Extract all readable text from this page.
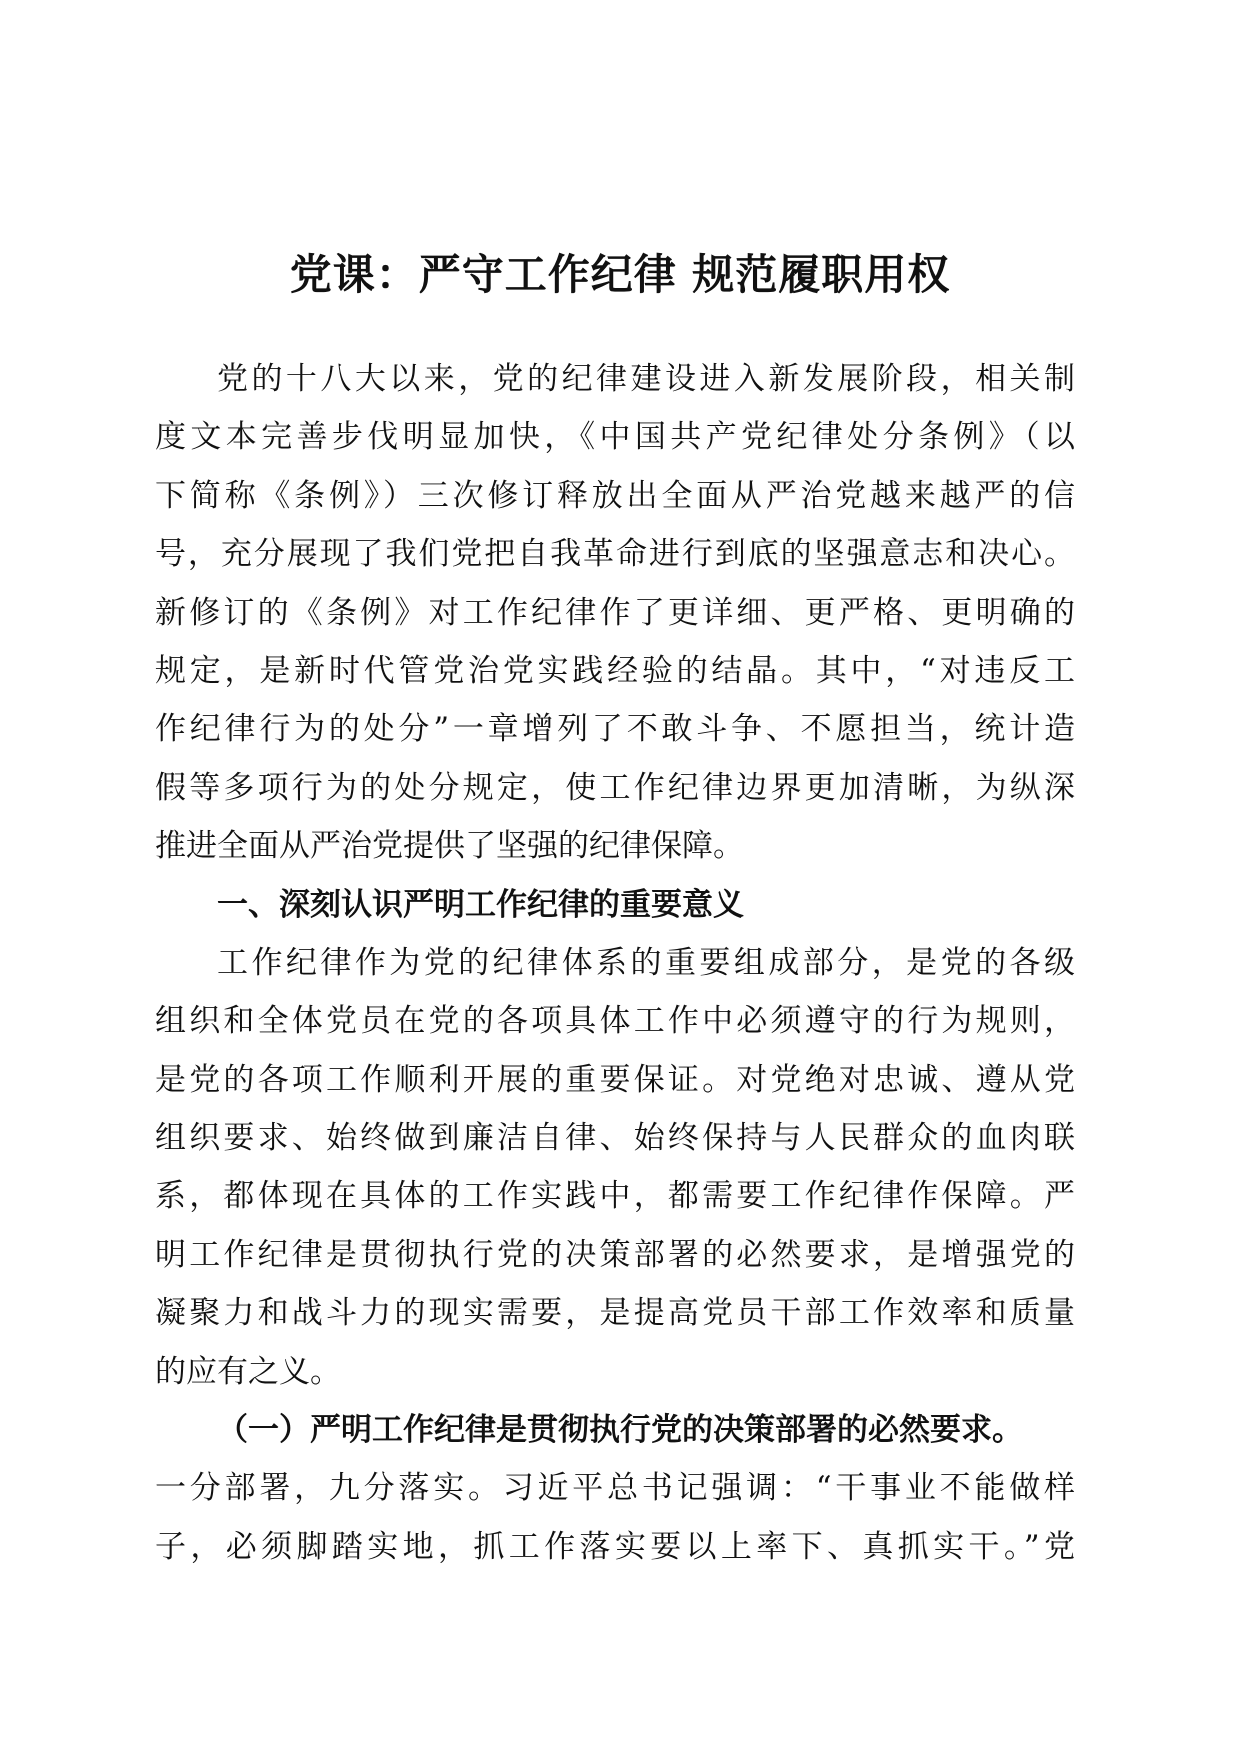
党课：严守工作纪律 规范履职用权
党的十八大以来，党的纪律建设进入新发展阶段，相关制
度文本完善步伐明显加快，《中国共产党纪律处分条例》（以
下简称《条例》）三次修订释放出全面从严治党越来越严的信
号，充分展现了我们党把自我革命进行到底的坚强意志和决心。
新修订的《条例》对工作纪律作了更详细、更严格、更明确的
规定，是新时代管党治党实践经验的结晶。其中，“对违反工
作纪律行为的处分”一章增列了不敢斗争、不愿担当，统计造
假等多项行为的处分规定，使工作纪律边界更加清晰，为纵深
推进全面从严治党提供了坚强的纪律保障。
一、深刻认识严明工作纪律的重要意义
工作纪律作为党的纪律体系的重要组成部分，是党的各级
组织和全体党员在党的各项具体工作中必须遵守的行为规则，
是党的各项工作顺利开展的重要保证。对党绝对忠诚、遵从党
组织要求、始终做到廉洁自律、始终保持与人民群众的血肉联
系，都体现在具体的工作实践中，都需要工作纪律作保障。严
明工作纪律是贯彻执行党的决策部署的必然要求，是增强党的
凝聚力和战斗力的现实需要，是提高党员干部工作效率和质量
的应有之义。
（一）严明工作纪律是贯彻执行党的决策部署的必然要求。
一分部署，九分落实。习近平总书记强调：“干事业不能做样
子，必须脚踏实地，抓工作落实要以上率下、真抓实干。”党
